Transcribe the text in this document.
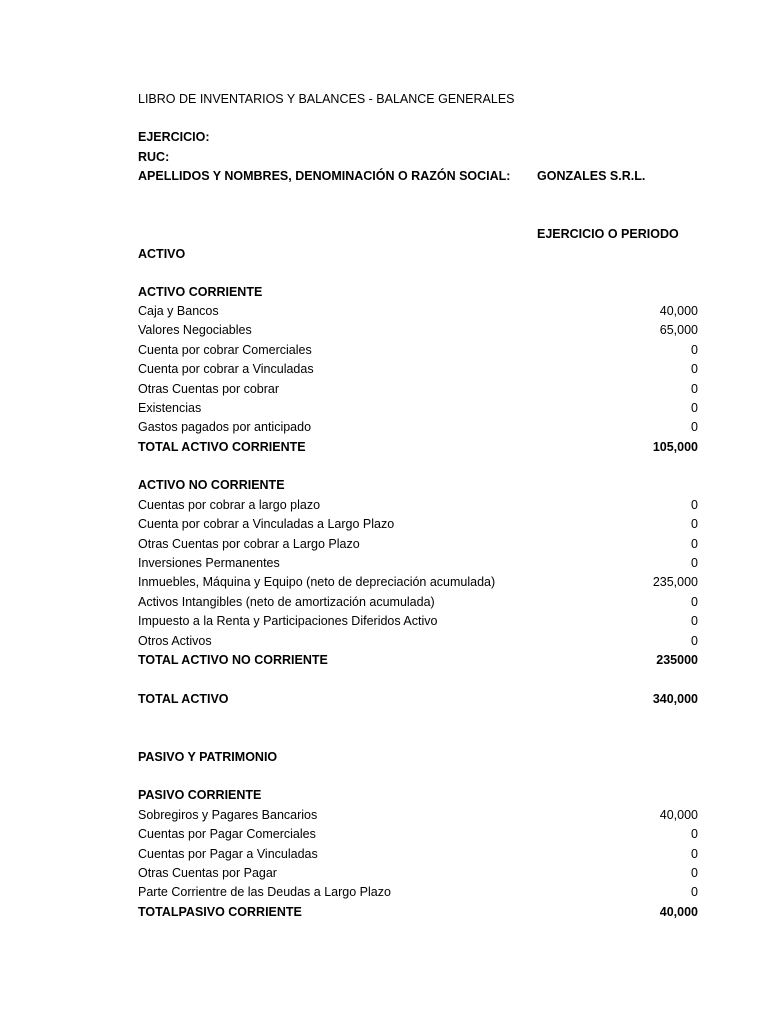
LIBRO DE INVENTARIOS Y BALANCES - BALANCE GENERALES
EJERCICIO:
RUC:
APELLIDOS Y NOMBRES, DENOMINACIÓN O RAZÓN SOCIAL: GONZALES S.R.L.
EJERCICIO O PERIODO
ACTIVO
ACTIVO CORRIENTE
Caja y Bancos	40,000
Valores Negociables	65,000
Cuenta por cobrar Comerciales	0
Cuenta por cobrar a Vinculadas	0
Otras Cuentas por cobrar	0
Existencias	0
Gastos pagados por anticipado	0
TOTAL ACTIVO CORRIENTE	105,000
ACTIVO NO CORRIENTE
Cuentas por cobrar a largo plazo	0
Cuenta por cobrar a Vinculadas a Largo Plazo	0
Otras Cuentas por cobrar a Largo Plazo	0
Inversiones Permanentes	0
Inmuebles, Máquina y Equipo (neto de depreciación acumulada)	235,000
Activos Intangibles (neto de amortización acumulada)	0
Impuesto a la Renta y Participaciones Diferidos Activo	0
Otros Activos	0
TOTAL ACTIVO NO CORRIENTE	235000
TOTAL ACTIVO	340,000
PASIVO Y PATRIMONIO
PASIVO CORRIENTE
Sobregiros y Pagares Bancarios	40,000
Cuentas por Pagar Comerciales	0
Cuentas por Pagar a Vinculadas	0
Otras Cuentas por Pagar	0
Parte Corrientre de las Deudas a Largo Plazo	0
TOTALPASIVO CORRIENTE	40,000
